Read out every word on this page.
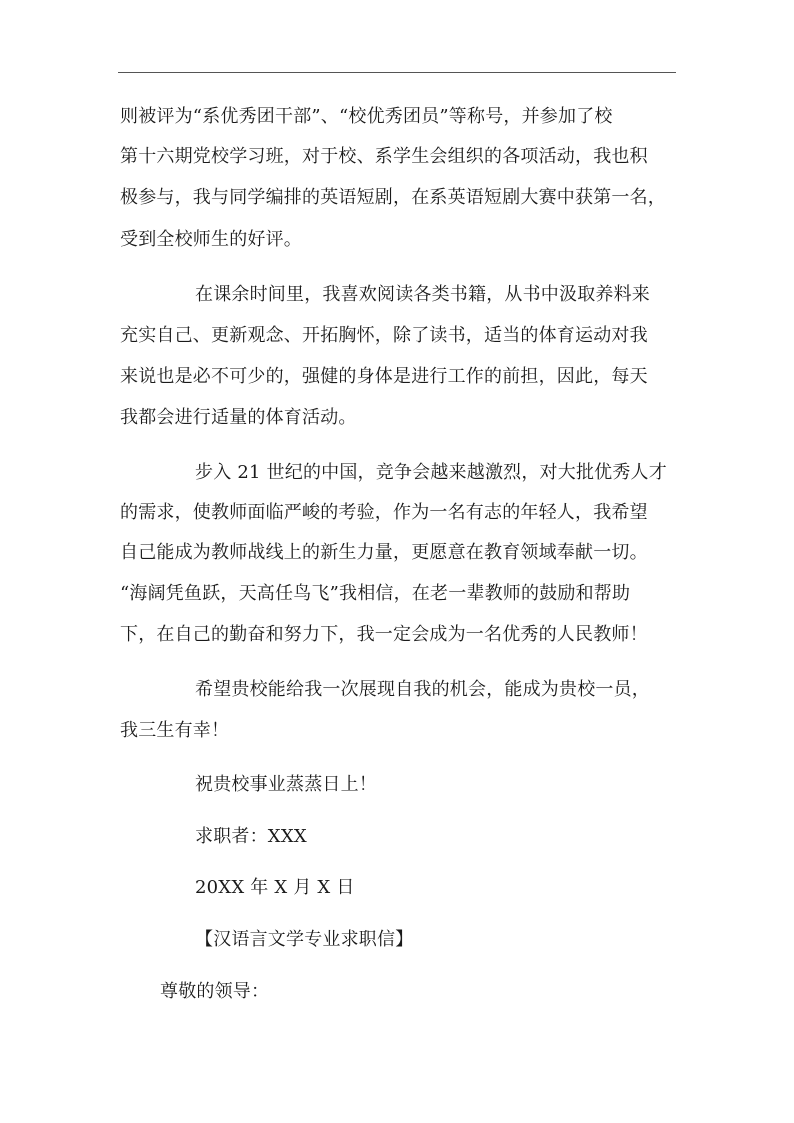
则被评为“系优秀团干部”、“校优秀团员”等称号，并参加了校
第十六期党校学习班，对于校、系学生会组织的各项活动，我也积
极参与，我与同学编排的英语短剧，在系英语短剧大赛中获第一名，
受到全校师生的好评。
在课余时间里，我喜欢阅读各类书籍，从书中汲取养料来
充实自己、更新观念、开拓胸怀，除了读书，适当的体育运动对我
来说也是必不可少的，强健的身体是进行工作的前担，因此，每天
我都会进行适量的体育活动。
步入 21 世纪的中国，竞争会越来越激烈，对大批优秀人才
的需求，使教师面临严峻的考验，作为一名有志的年轻人，我希望
自己能成为教师战线上的新生力量，更愿意在教育领域奉献一切。
“海阔凭鱼跃，天高任鸟飞”我相信，在老一辈教师的鼓励和帮助
下，在自己的勤奋和努力下，我一定会成为一名优秀的人民教师！
希望贵校能给我一次展现自我的机会，能成为贵校一员，
我三生有幸！
祝贵校事业蒸蒸日上！
求职者：XXX
20XX 年 X 月 X 日
【汉语言文学专业求职信】
尊敬的领导：
